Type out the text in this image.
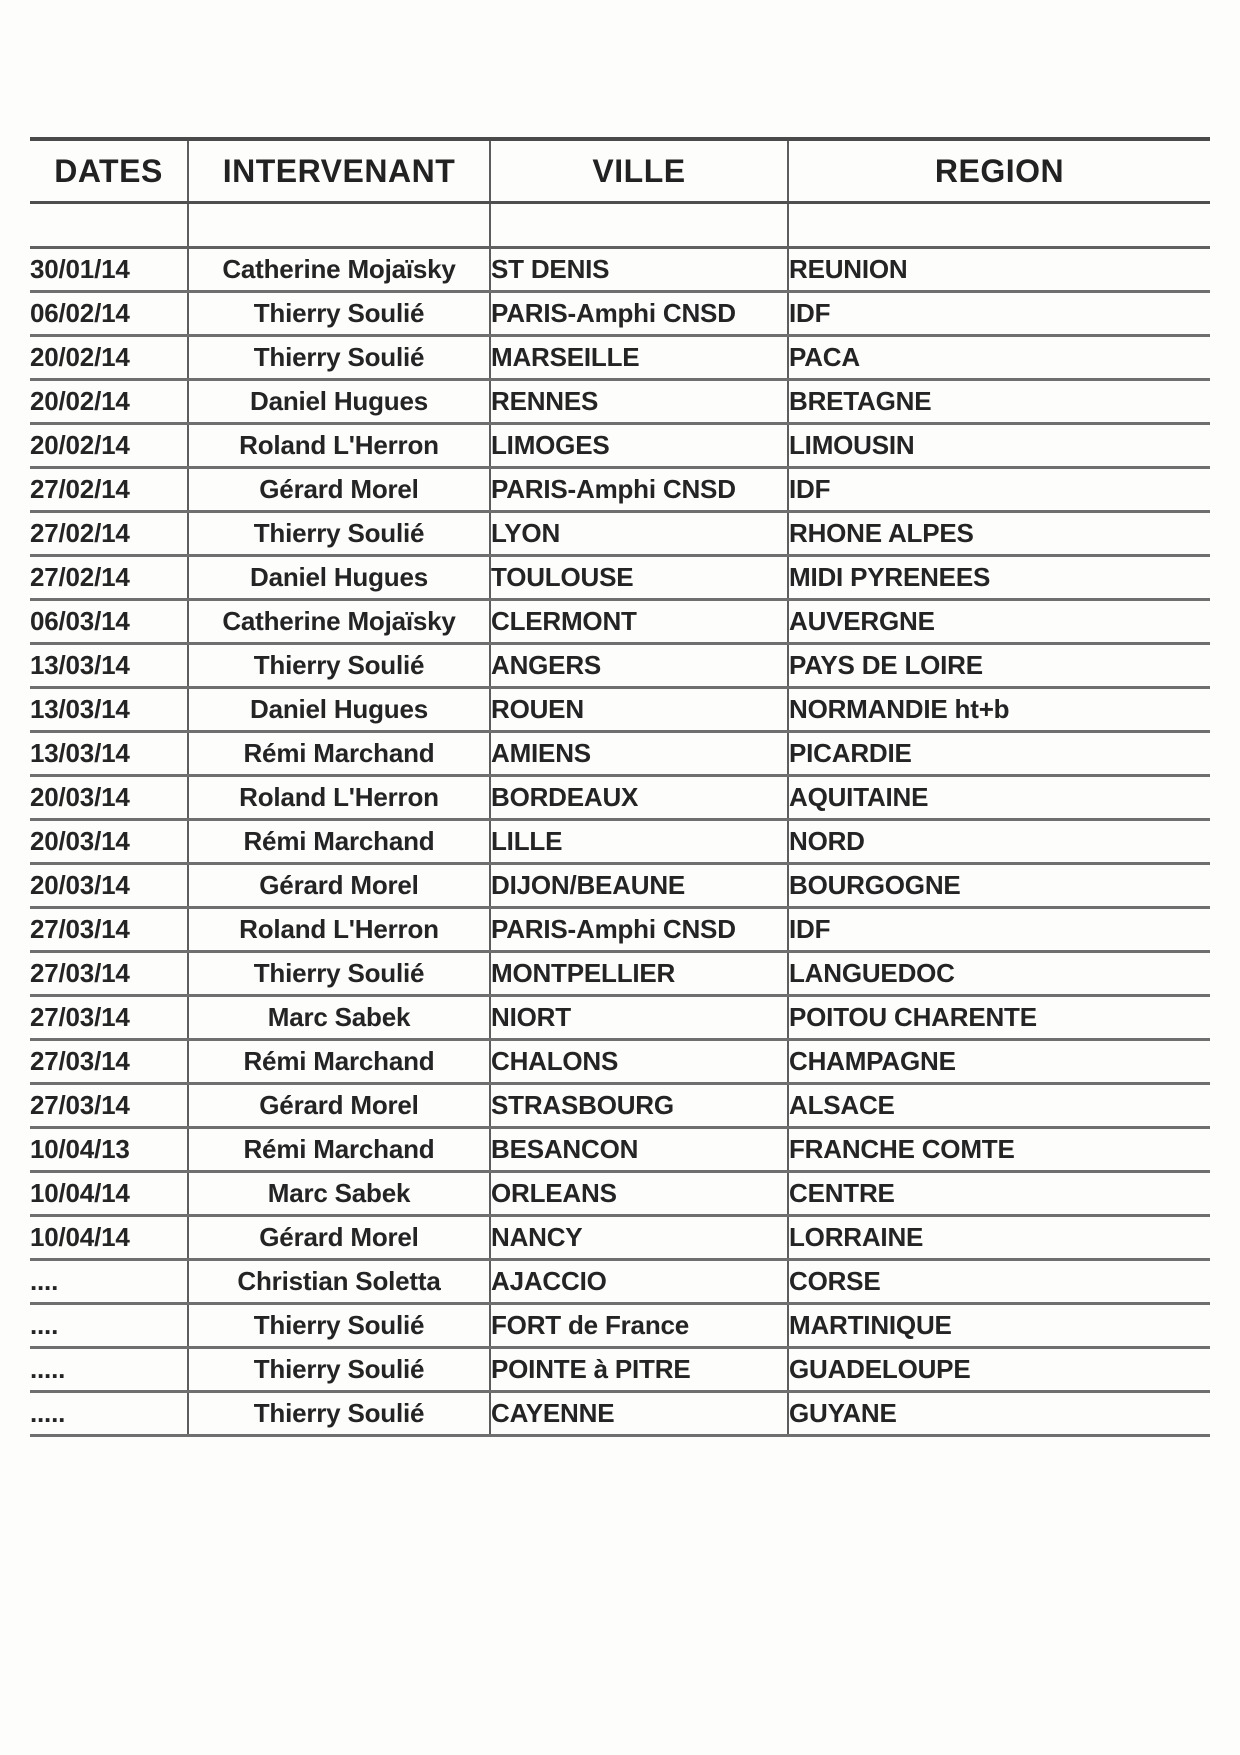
DATES	INTERVENANT	VILLE	REGION

30/01/14	Catherine Mojaïsky	ST DENIS	REUNION
06/02/14	Thierry Soulié	PARIS-Amphi CNSD	IDF
20/02/14	Thierry Soulié	MARSEILLE	PACA
20/02/14	Daniel Hugues	RENNES	BRETAGNE
20/02/14	Roland L'Herron	LIMOGES	LIMOUSIN
27/02/14	Gérard Morel	PARIS-Amphi CNSD	IDF
27/02/14	Thierry Soulié	LYON	RHONE ALPES
27/02/14	Daniel Hugues	TOULOUSE	MIDI PYRENEES
06/03/14	Catherine Mojaïsky	CLERMONT	AUVERGNE
13/03/14	Thierry Soulié	ANGERS	PAYS DE LOIRE
13/03/14	Daniel Hugues	ROUEN	NORMANDIE ht+b
13/03/14	Rémi Marchand	AMIENS	PICARDIE
20/03/14	Roland L'Herron	BORDEAUX	AQUITAINE
20/03/14	Rémi Marchand	LILLE	NORD
20/03/14	Gérard Morel	DIJON/BEAUNE	BOURGOGNE
27/03/14	Roland L'Herron	PARIS-Amphi CNSD	IDF
27/03/14	Thierry Soulié	MONTPELLIER	LANGUEDOC
27/03/14	Marc Sabek	NIORT	POITOU CHARENTE
27/03/14	Rémi Marchand	CHALONS	CHAMPAGNE
27/03/14	Gérard Morel	STRASBOURG	ALSACE
10/04/13	Rémi Marchand	BESANCON	FRANCHE COMTE
10/04/14	Marc Sabek	ORLEANS	CENTRE
10/04/14	Gérard Morel	NANCY	LORRAINE
....	Christian Soletta	AJACCIO	CORSE
....	Thierry Soulié	FORT de France	MARTINIQUE
.....	Thierry Soulié	POINTE à PITRE	GUADELOUPE
.....	Thierry Soulié	CAYENNE	GUYANE
